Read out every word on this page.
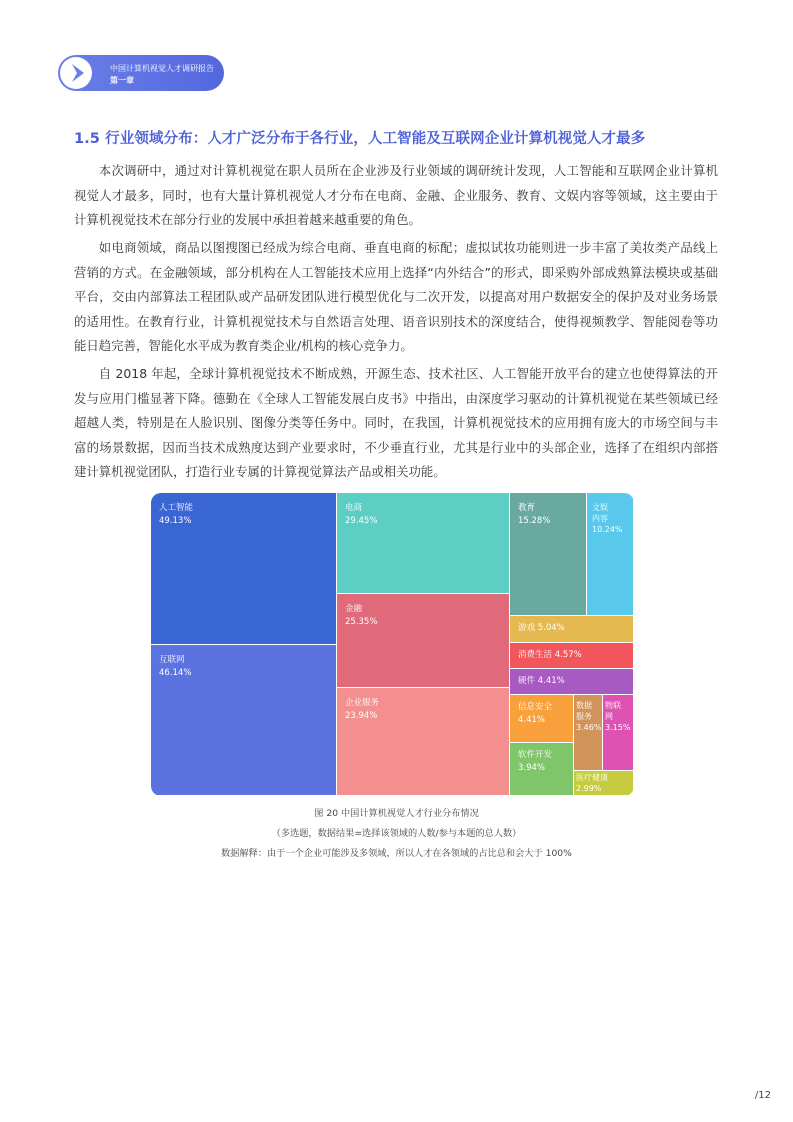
中国计算机视觉人才调研报告
第一章
1.5 行业领域分布：人才广泛分布于各行业，人工智能及互联网企业计算机视觉人才最多

本次调研中，通过对计算机视觉在职人员所在企业涉及行业领域的调研统计发现，人工智能和互联网企业计算机视觉人才最多，同时，也有大量计算机视觉人才分布在电商、金融、企业服务、教育、文娱内容等领域，这主要由于计算机视觉技术在部分行业的发展中承担着越来越重要的角色。

如电商领域，商品以图搜图已经成为综合电商、垂直电商的标配；虚拟试妆功能则进一步丰富了美妆类产品线上营销的方式。在金融领域，部分机构在人工智能技术应用上选择“内外结合”的形式，即采购外部成熟算法模块或基础平台，交由内部算法工程团队或产品研发团队进行模型优化与二次开发，以提高对用户数据安全的保护及对业务场景的适用性。在教育行业，计算机视觉技术与自然语言处理、语音识别技术的深度结合，使得视频教学、智能阅卷等功能日趋完善，智能化水平成为教育类企业/机构的核心竞争力。

自 2018 年起，全球计算机视觉技术不断成熟，开源生态、技术社区、人工智能开放平台的建立也使得算法的开发与应用门槛显著下降。德勤在《全球人工智能发展白皮书》中指出，由深度学习驱动的计算机视觉在某些领域已经超越人类，特别是在人脸识别、图像分类等任务中。同时，在我国，计算机视觉技术的应用拥有庞大的市场空间与丰富的场景数据，因而当技术成熟度达到产业要求时，不少垂直行业，尤其是行业中的头部企业，选择了在组织内部搭建计算机视觉团队，打造行业专属的计算视觉算法产品或相关功能。

人工智能
49.13%
互联网
46.14%
电商
29.45%
金融
25.35%
企业服务
23.94%
教育
15.28%
文娱
内容
10.24%
游戏 5.04%
消费生活 4.57%
硬件 4.41%
信息安全
4.41%
软件开发
3.94%
数据
服务
3.46%
物联
网
3.15%
医疗健康
2.99%
图 20 中国计算机视觉人才行业分布情况
（多选题，数据结果=选择该领域的人数/参与本题的总人数）
数据解释：由于一个企业可能涉及多领域，所以人才在各领域的占比总和会大于 100%
/12
